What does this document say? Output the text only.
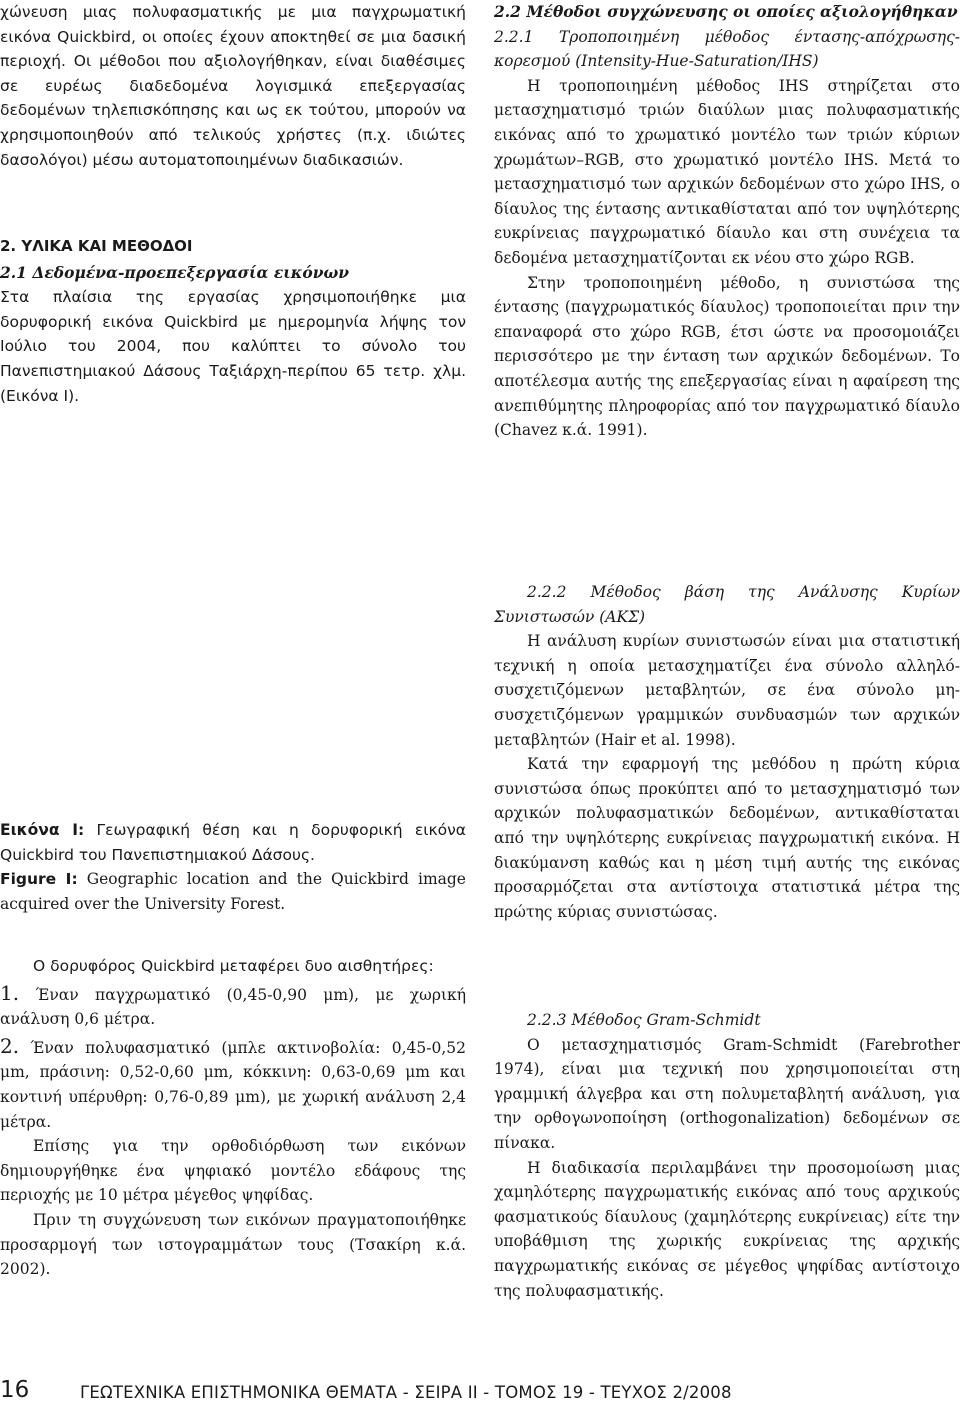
χώνευση μιας πολυφασματικής με μια παγχρωματική εικόνα Quickbird, οι οποίες έχουν αποκτηθεί σε μια δασική περιοχή. Οι μέθοδοι που αξιολογήθηκαν, είναι διαθέσιμες σε ευρέως διαδεδομένα λογισμικά επεξεργασίας δεδομένων τηλεπισκόπησης και ως εκ τούτου, μπορούν να χρησιμοποιηθούν από τελικούς χρήστες (π.χ. ιδιώτες δασολόγοι) μέσω αυτοματοποιημένων διαδικασιών.

2. ΥΛΙΚΑ ΚΑΙ ΜΕΘΟΔΟΙ

2.1 Δεδομένα-προεπεξεργασία εικόνων

Στα πλαίσια της εργασίας χρησιμοποιήθηκε μια δορυφορική εικόνα Quickbird με ημερομηνία λήψης τον Ιούλιο του 2004, που καλύπτει το σύνολο του Πανεπιστημιακού Δάσους Ταξιάρχη-περίπου 65 τετρ. χλμ. (Εικόνα Ι).

Εικόνα Ι: Γεωγραφική θέση και η δορυφορική εικόνα Quickbird του Πανεπιστημιακού Δάσους.

Figure I: Geographic location and the Quickbird image acquired over the University Forest.

Ο δορυφόρος Quickbird μεταφέρει δυο αισθητήρες:

1. Έναν παγχρωματικό (0,45-0,90 μm), με χωρική ανάλυση 0,6 μέτρα.

2. Έναν πολυφασματικό (μπλε ακτινοβολία: 0,45-0,52 μm, πράσινη: 0,52-0,60 μm, κόκκινη: 0,63-0,69 μm και κοντινή υπέρυθρη: 0,76-0,89 μm), με χωρική ανάλυση 2,4 μέτρα.

Επίσης για την ορθοδιόρθωση των εικόνων δημιουργήθηκε ένα ψηφιακό μοντέλο εδάφους της περιοχής με 10 μέτρα μέγεθος ψηφίδας.

Πριν τη συγχώνευση των εικόνων πραγματοποιήθηκε προσαρμογή των ιστογραμμάτων τους (Τσακίρη κ.ά. 2002).

2.2 Μέθοδοι συγχώνευσης οι οποίες αξιολογήθηκαν

2.2.1 Τροποποιημένη μέθοδος έντασης-απόχρωσης-κορεσμού (Intensity-Hue-Saturation/IHS)

Η τροποποιημένη μέθοδος IHS στηρίζεται στο μετασχηματισμό τριών διαύλων μιας πολυφασματικής εικόνας από το χρωματικό μοντέλο των τριών κύριων χρωμάτων–RGB, στο χρωματικό μοντέλο IHS. Μετά το μετασχηματισμό των αρχικών δεδομένων στο χώρο IHS, ο δίαυλος της έντασης αντικαθίσταται από τον υψηλότερης ευκρίνειας παγχρωματικό δίαυλο και στη συνέχεια τα δεδομένα μετασχηματίζονται εκ νέου στο χώρο RGB.

Στην τροποποιημένη μέθοδο, η συνιστώσα της έντασης (παγχρωματικός δίαυλος) τροποποιείται πριν την επαναφορά στο χώρο RGB, έτσι ώστε να προσομοιάζει περισσότερο με την ένταση των αρχικών δεδομένων. Το αποτέλεσμα αυτής της επεξεργασίας είναι η αφαίρεση της ανεπιθύμητης πληροφορίας από τον παγχρωματικό δίαυλο (Chavez κ.ά. 1991).

2.2.2 Μέθοδος βάση της Ανάλυσης Κυρίων Συνιστωσών (ΑΚΣ)

Η ανάλυση κυρίων συνιστωσών είναι μια στατιστική τεχνική η οποία μετασχηματίζει ένα σύνολο αλληλό-συσχετιζόμενων μεταβλητών, σε ένα σύνολο μη-συσχετιζόμενων γραμμικών συνδυασμών των αρχικών μεταβλητών (Hair et al. 1998).

Κατά την εφαρμογή της μεθόδου η πρώτη κύρια συνιστώσα όπως προκύπτει από το μετασχηματισμό των αρχικών πολυφασματικών δεδομένων, αντικαθίσταται από την υψηλότερης ευκρίνειας παγχρωματική εικόνα. Η διακύμανση καθώς και η μέση τιμή αυτής της εικόνας προσαρμόζεται στα αντίστοιχα στατιστικά μέτρα της πρώτης κύριας συνιστώσας.

2.2.3 Μέθοδος Gram-Schmidt

Ο μετασχηματισμός Gram-Schmidt (Farebrother 1974), είναι μια τεχνική που χρησιμοποιείται στη γραμμική άλγεβρα και στη πολυμεταβλητή ανάλυση, για την ορθογωνοποίηση (orthogonalization) δεδομένων σε πίνακα.

Η διαδικασία περιλαμβάνει την προσομοίωση μιας χαμηλότερης παγχρωματικής εικόνας από τους αρχικούς φασματικούς δίαυλους (χαμηλότερης ευκρίνειας) είτε την υποβάθμιση της χωρικής ευκρίνειας της αρχικής παγχρωματικής εικόνας σε μέγεθος ψηφίδας αντίστοιχο της πολυφασματικής.

16	ΓΕΩΤΕΧΝΙΚΑ ΕΠΙΣΤΗΜΟΝΙΚΑ ΘΕΜΑΤΑ - ΣΕΙΡΑ ΙΙ - ΤΟΜΟΣ 19 - ΤΕΥΧΟΣ 2/2008
